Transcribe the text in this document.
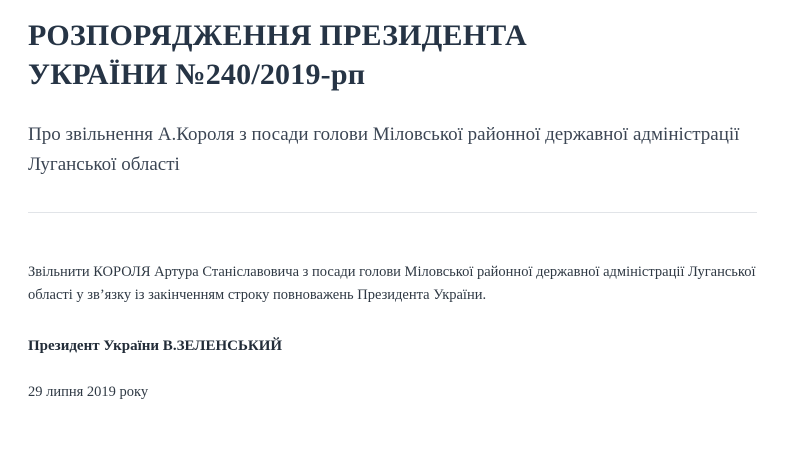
РОЗПОРЯДЖЕННЯ ПРЕЗИДЕНТА УКРАЇНИ №240/2019-рп
Про звільнення А.Короля з посади голови Міловської районної державної адміністрації Луганської області

Звільнити КОРОЛЯ Артура Станіславовича з посади голови Міловської районної державної адміністрації Луганської області у зв’язку із закінченням строку повноважень Президента України.

Президент України В.ЗЕЛЕНСЬКИЙ
29 липня 2019 року
